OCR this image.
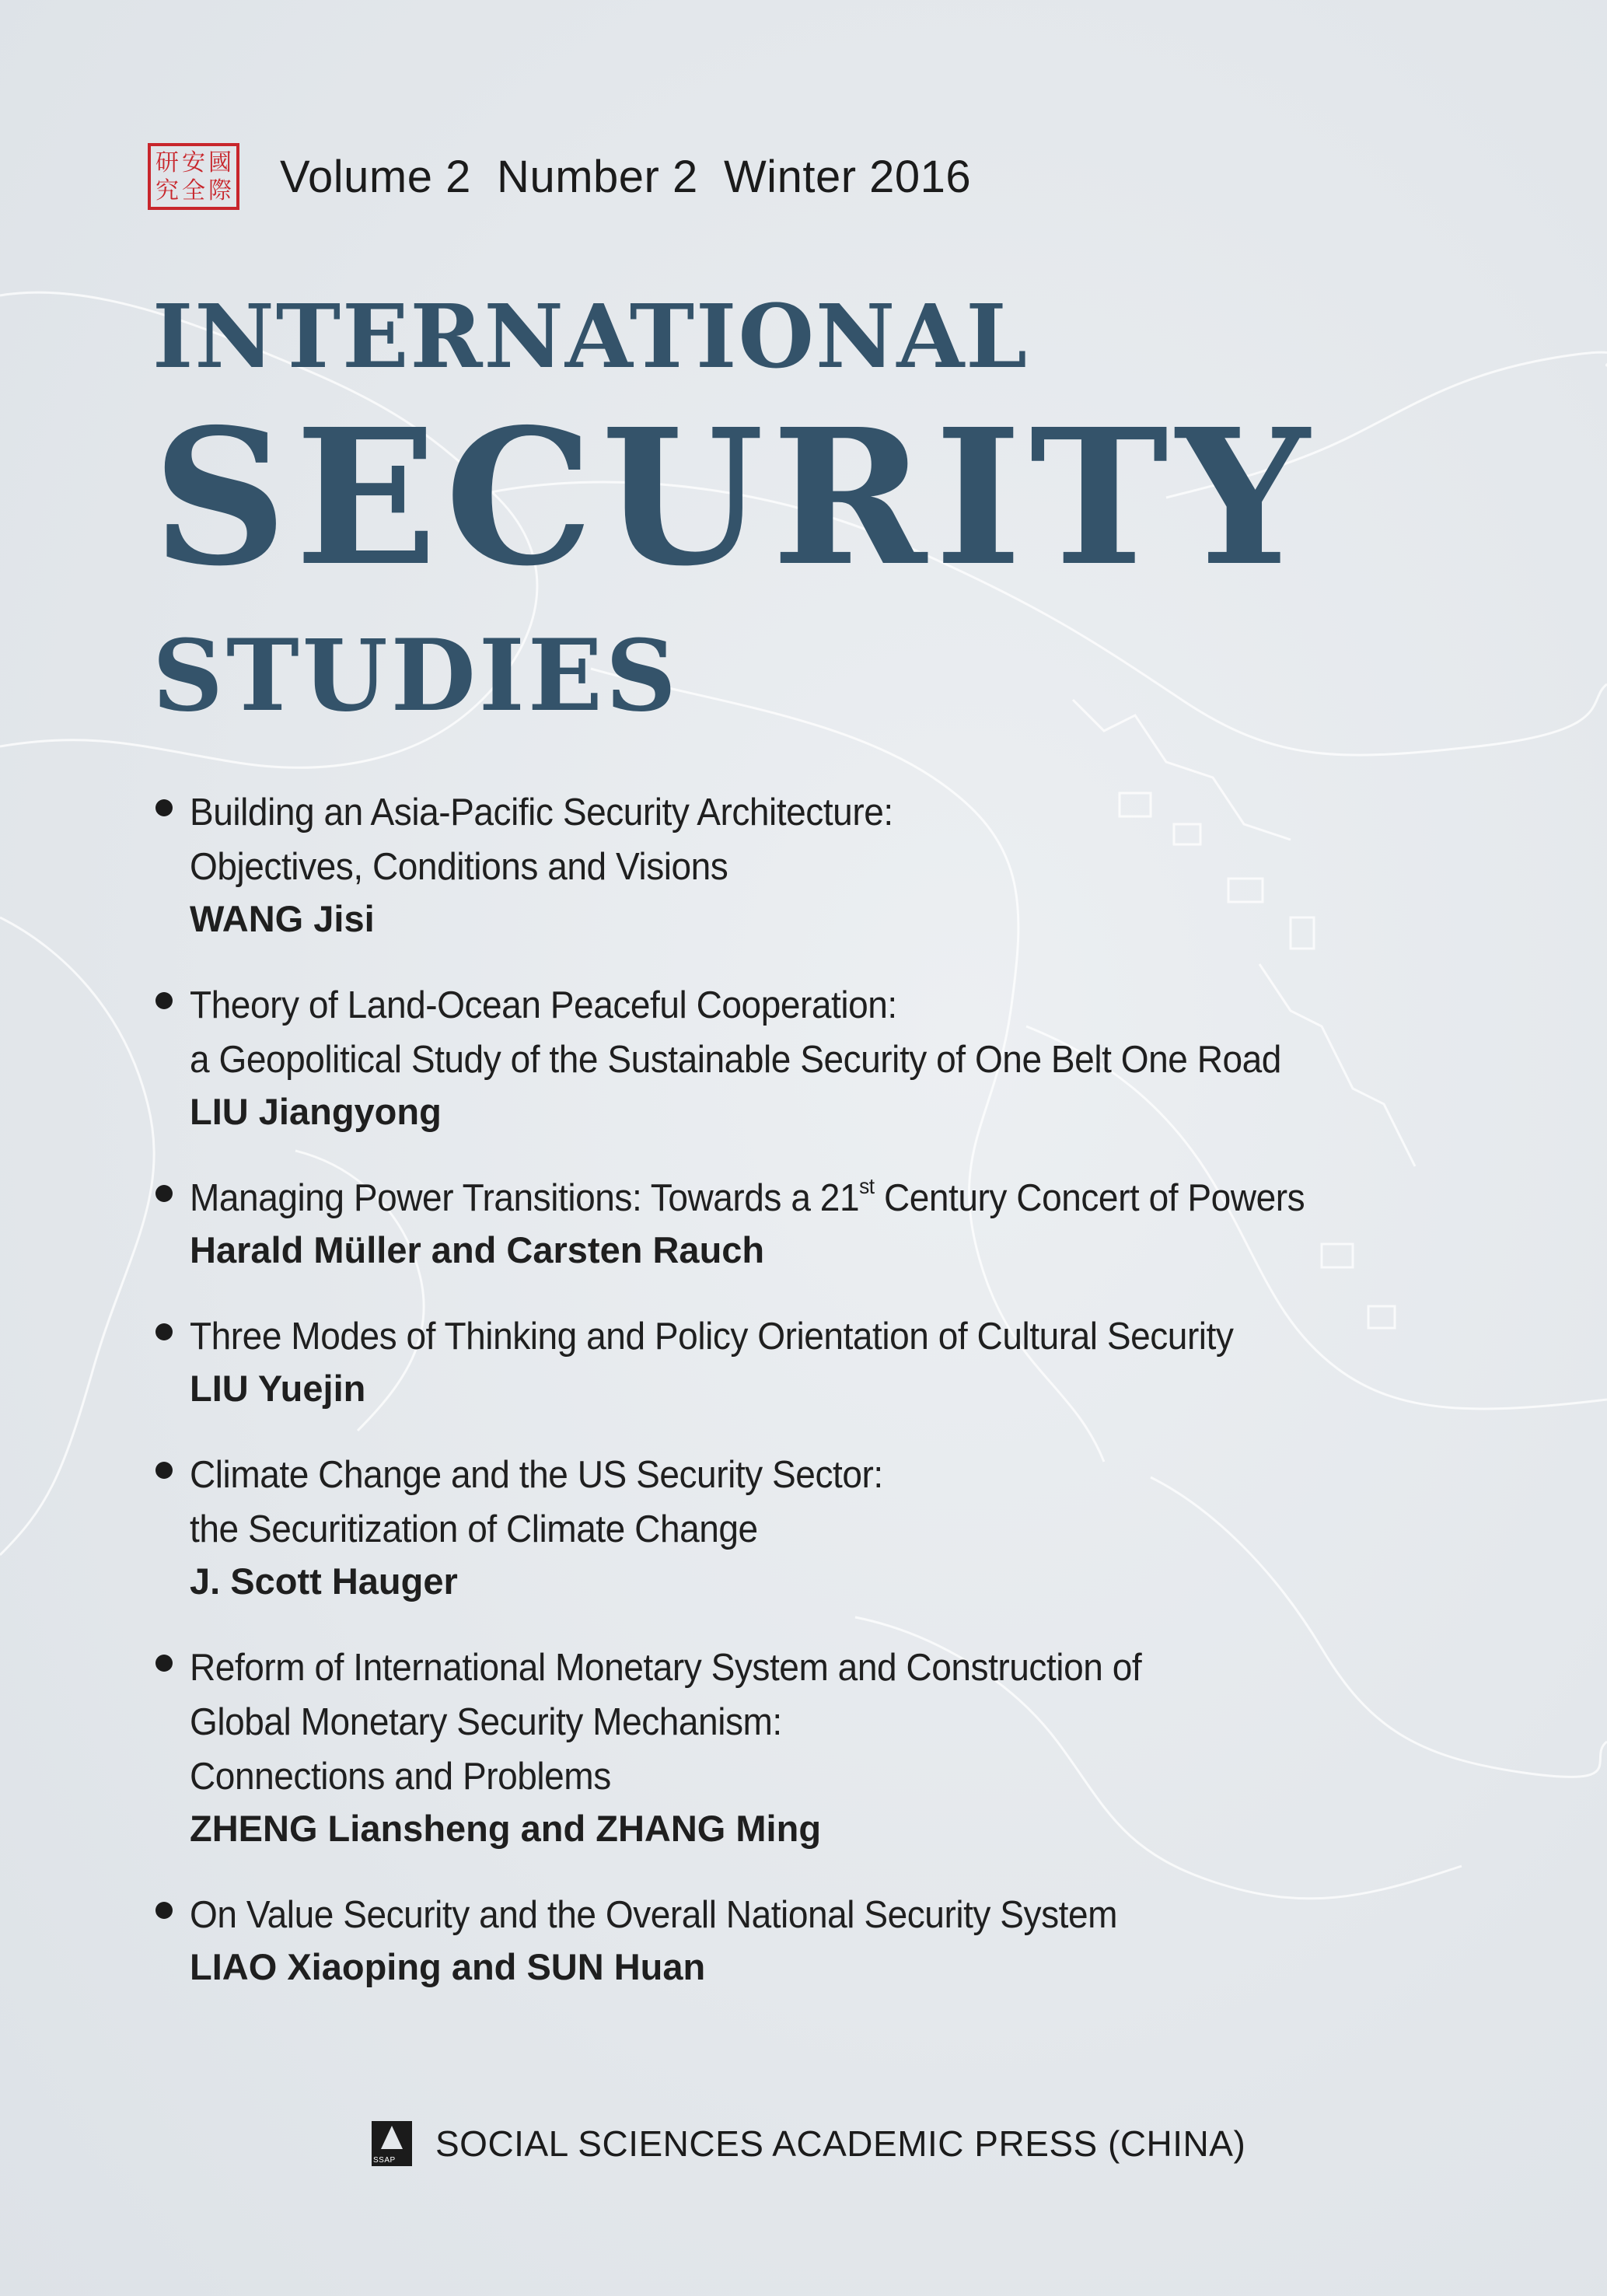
研 安 國
究 全 際 Volume 2  Number 2  Winter 2016
INTERNATIONAL
SECURITY
STUDIES
Building an Asia-Pacific Security Architecture:
Objectives, Conditions and Visions
WANG Jisi
Theory of Land-Ocean Peaceful Cooperation:
a Geopolitical Study of the Sustainable Security of One Belt One Road
LIU Jiangyong
Managing Power Transitions: Towards a 21st Century Concert of Powers
Harald Müller and Carsten Rauch
Three Modes of Thinking and Policy Orientation of Cultural Security
LIU Yuejin
Climate Change and the US Security Sector:
the Securitization of Climate Change
J. Scott Hauger
Reform of International Monetary System and Construction of
Global Monetary Security Mechanism:
Connections and Problems
ZHENG Liansheng and ZHANG Ming
On Value Security and the Overall National Security System
LIAO Xiaoping and SUN Huan
SSAP SOCIAL SCIENCES ACADEMIC PRESS (CHINA)
